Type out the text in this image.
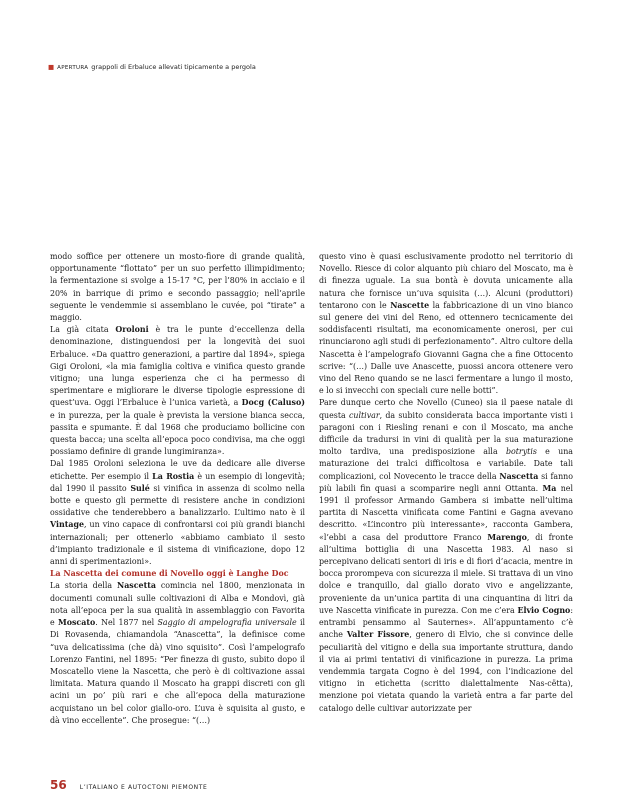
■ APERTURA grappoli di Erbaluce allevati tipicamente a pergola

modo soffice per ottenere un mosto-fiore di grande qualità, opportunamente “flottato” per un suo perfetto illimpidimento; la fermentazione si svolge a 15-17 °C, per l’80% in acciaio e il 20% in barrique di primo e secondo passaggio; nell’aprile seguente le vendemmie si assemblano le cuvée, poi “tirate” a maggio.

La già citata Oroloni è tra le punte d’eccellenza della denominazione, distinguendosi per la longevità dei suoi Erbaluce. «Da quattro generazioni, a partire dal 1894», spiega Gigi Oroloni, «la mia famiglia coltiva e vinifica questo grande vitigno; una lunga esperienza che ci ha permesso di sperimentare e migliorare le diverse tipologie espressione di quest’uva. Oggi l’Erbaluce è l’unica varietà, a Docg (Caluso) e in purezza, per la quale è prevista la versione bianca secca, passita e spumante. È dal 1968 che produciamo bollicine con questa bacca; una scelta all’epoca poco condivisa, ma che oggi possiamo definire di grande lungimiranza».

Dal 1985 Oroloni seleziona le uve da dedicare alle diverse etichette. Per esempio il La Rostia è un esempio di longevità; dal 1990 il passito Sulé si vinifica in assenza di scolmo nella botte e questo gli permette di resistere anche in condizioni ossidative che tenderebbero a banalizzarlo. L’ultimo nato è il Vintage, un vino capace di confrontarsi coi più grandi bianchi internazionali; per ottenerlo «abbiamo cambiato il sesto d’impianto tradizionale e il sistema di vinificazione, dopo 12 anni di sperimentazioni».

La Nascetta dei comune di Novello oggi è Langhe Doc

La storia della Nascetta comincia nel 1800, menzionata in documenti comunali sulle coltivazioni di Alba e Mondovì, già nota all’epoca per la sua qualità in assemblaggio con Favorita e Moscato. Nel 1877 nel Saggio di ampelografia universale il Di Rovasenda, chiamandola “Anascetta”, la definisce come “uva delicatissima (che dà) vino squisito”. Così l’ampelografo Lorenzo Fantini, nel 1895: “Per finezza di gusto, subito dopo il Moscatello viene la Nascetta, che però è di coltivazione assai limitata. Matura quando il Moscato ha grappi discreti con gli acini un po’ più rari e che all’epoca della maturazione acquistano un bel color giallo-oro. L’uva è squisita al gusto, e dà vino eccellente”. Che prosegue: “(…)

questo vino è quasi esclusivamente prodotto nel territorio di Novello. Riesce di color alquanto più chiaro del Moscato, ma è di finezza uguale. La sua bontà è dovuta unicamente alla natura che fornisce un’uva squisita (…). Alcuni (produttori) tentarono con le Nascette la fabbricazione di un vino bianco sul genere dei vini del Reno, ed ottennero tecnicamente dei soddisfacenti risultati, ma economicamente onerosi, per cui rinunciarono agli studi di perfezionamento”. Altro cultore della Nascetta è l’ampelografo Giovanni Gagna che a fine Ottocento scrive: “(…) Dalle uve Anascette, puossi ancora ottenere vero vino del Reno quando se ne lasci fermentare a lungo il mosto, e lo si invecchi con speciali cure nelle botti”.

Pare dunque certo che Novello (Cuneo) sia il paese natale di questa cultivar, da subito considerata bacca importante visti i paragoni con i Riesling renani e con il Moscato, ma anche difficile da tradursi in vini di qualità per la sua maturazione molto tardiva, una predisposizione alla botrytis e una maturazione dei tralci difficoltosa e variabile. Date tali complicazioni, col Novecento le tracce della Nascetta si fanno più labili fin quasi a scomparire negli anni Ottanta. Ma nel 1991 il professor Armando Gambera si imbatte nell’ultima partita di Nascetta vinificata come Fantini e Gagna avevano descritto. «L’incontro più interessante», racconta Gambera, «l’ebbi a casa del produttore Franco Marengo, di fronte all’ultima bottiglia di una Nascetta 1983. Al naso si percepivano delicati sentori di iris e di fiori d’acacia, mentre in bocca prorompeva con sicurezza il miele. Si trattava di un vino dolce e tranquillo, dal giallo dorato vivo e angelizzante, proveniente da un’unica partita di una cinquantina di litri da uve Nascetta vinificate in purezza. Con me c’era Elvio Cogno: entrambi pensammo al Sauternes». All’appuntamento c’è anche Valter Fissore, genero di Elvio, che si convince delle peculiarità del vitigno e della sua importante struttura, dando il via ai primi tentativi di vinificazione in purezza. La prima vendemmia targata Cogno è del 1994, con l’indicazione del vitigno in etichetta (scritto dialettalmente Nas-cëtta), menzione poi vietata quando la varietà entra a far parte del catalogo delle cultivar autorizzate per

56 L’ITALIANO E AUTOCTONI PIEMONTE
